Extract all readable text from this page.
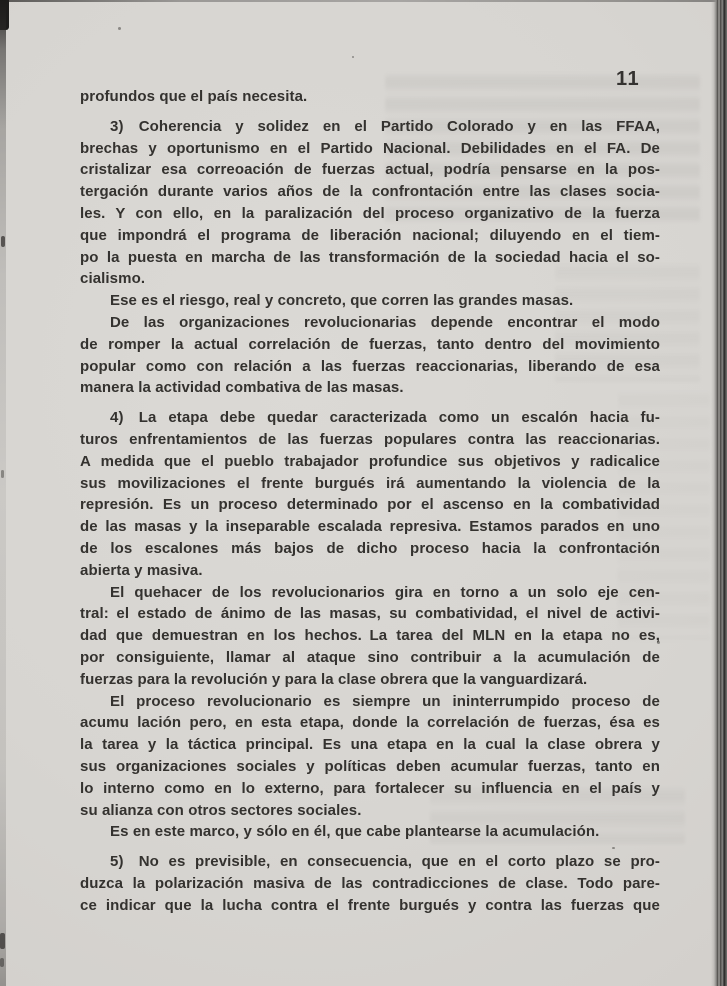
11
profundos que el país necesita.
3)  Coherencia y solidez en el Partido Colorado y en las FFAA,
brechas y oportunismo en el Partido Nacional. Debilidades en el FA. De
cristalizar esa correoación de fuerzas actual, podría pensarse en la pos-
tergación durante varios años de la confrontación entre las clases socia-
les. Y con ello, en la paralización del proceso organizativo de la fuerza
que impondrá el programa de liberación nacional; diluyendo en el tiem-
po la puesta en marcha de las transformación de la sociedad hacia el so-
cialismo.
Ese es el riesgo, real y concreto, que corren las grandes masas.
De las organizaciones revolucionarias depende encontrar el modo
de romper la actual correlación de fuerzas, tanto dentro del movimiento
popular como con relación a las fuerzas reaccionarias, liberando de esa
manera la actividad combativa de las masas.
4)  La etapa debe quedar caracterizada como un escalón hacia fu-
turos enfrentamientos de las fuerzas populares contra las reaccionarias.
A medida que el pueblo trabajador profundice sus objetivos y radicalice
sus movilizaciones el frente burgués irá aumentando la violencia de la
represión. Es un proceso determinado por el ascenso en la combatividad
de las masas y la inseparable escalada represiva. Estamos parados en uno
de los escalones más bajos de dicho proceso hacia la confrontación
abierta y masiva.
El quehacer de los revolucionarios gira en torno a un solo eje cen-
tral: el estado de ánimo de las masas, su combatividad, el nivel de activi-
dad que demuestran en los hechos. La tarea del MLN en la etapa no es,
por consiguiente, llamar al ataque sino contribuir a la acumulación de
fuerzas para la revolución y para la clase obrera que la vanguardizará.
El proceso revolucionario es siempre un ininterrumpido proceso de
acumu lación pero, en esta etapa, donde la correlación de fuerzas, ésa es
la tarea y la táctica principal. Es una etapa en la cual la clase obrera y
sus organizaciones sociales y políticas deben acumular fuerzas, tanto en
lo interno como en lo externo, para fortalecer su influencia en el país y
su alianza con otros sectores sociales.
Es en este marco, y sólo en él, que cabe plantearse la acumulación.
5)  No es previsible, en consecuencia, que en el corto plazo se pro-
duzca la polarización masiva de las contradicciones de clase. Todo pare-
ce indicar que la lucha contra el frente burgués y contra las fuerzas que
